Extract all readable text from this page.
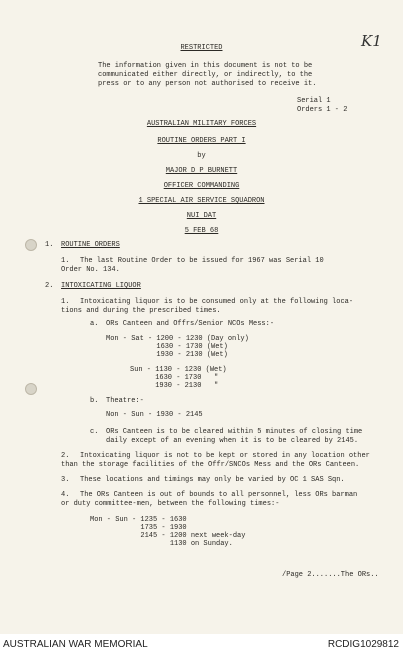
K1
RESTRICTED
The information given in this document is not to be
communicated either directly, or indirectly, to the
press or to any person not authorised to receive it.
Serial 1
Orders 1 - 2
AUSTRALIAN MILITARY FORCES
ROUTINE ORDERS PART I
by
MAJOR D P BURNETT
OFFICER COMMANDING
1 SPECIAL AIR SERVICE SQUADRON
NUI DAT
5 FEB 68
1. ROUTINE ORDERS
1. The last Routine Order to be issued for 1967 was Serial 10
Order No. 134.
2. INTOXICATING LIQUOR
1. Intoxicating liquor is to be consumed only at the following loca-
tions and during the prescribed times.
a. ORs Canteen and Offrs/Senior NCOs Mess:-
Mon - Sat - 1200 - 1230 (Day only)
1630 - 1730 (Wet)
1930 - 2130 (Wet)
Sun - 1130 - 1230 (Wet)
1630 - 1730   "
1930 - 2130   "
b. Theatre:-
Non - Sun - 1930 - 2145
c. ORs Canteen is to be cleared within 5 minutes of closing time
daily except of an evening when it is to be cleared by 2145.
2. Intoxicating liquor is not to be kept or stored in any location other
than the storage facilities of the Offr/SNCOs Mess and the ORs Canteen.
3. These locations and timings may only be varied by OC 1 SAS Sqn.
4. The ORs Canteen is out of bounds to all personnel, less ORs barman
or duty committee-men, between the following times:-
Mon - Sun - 1235 - 1630
1735 - 1930
2145 - 1200 next week-day
1130 on Sunday.
/Page 2.......The ORs..
AUSTRALIAN WAR MEMORIAL	RCDIG1029812
